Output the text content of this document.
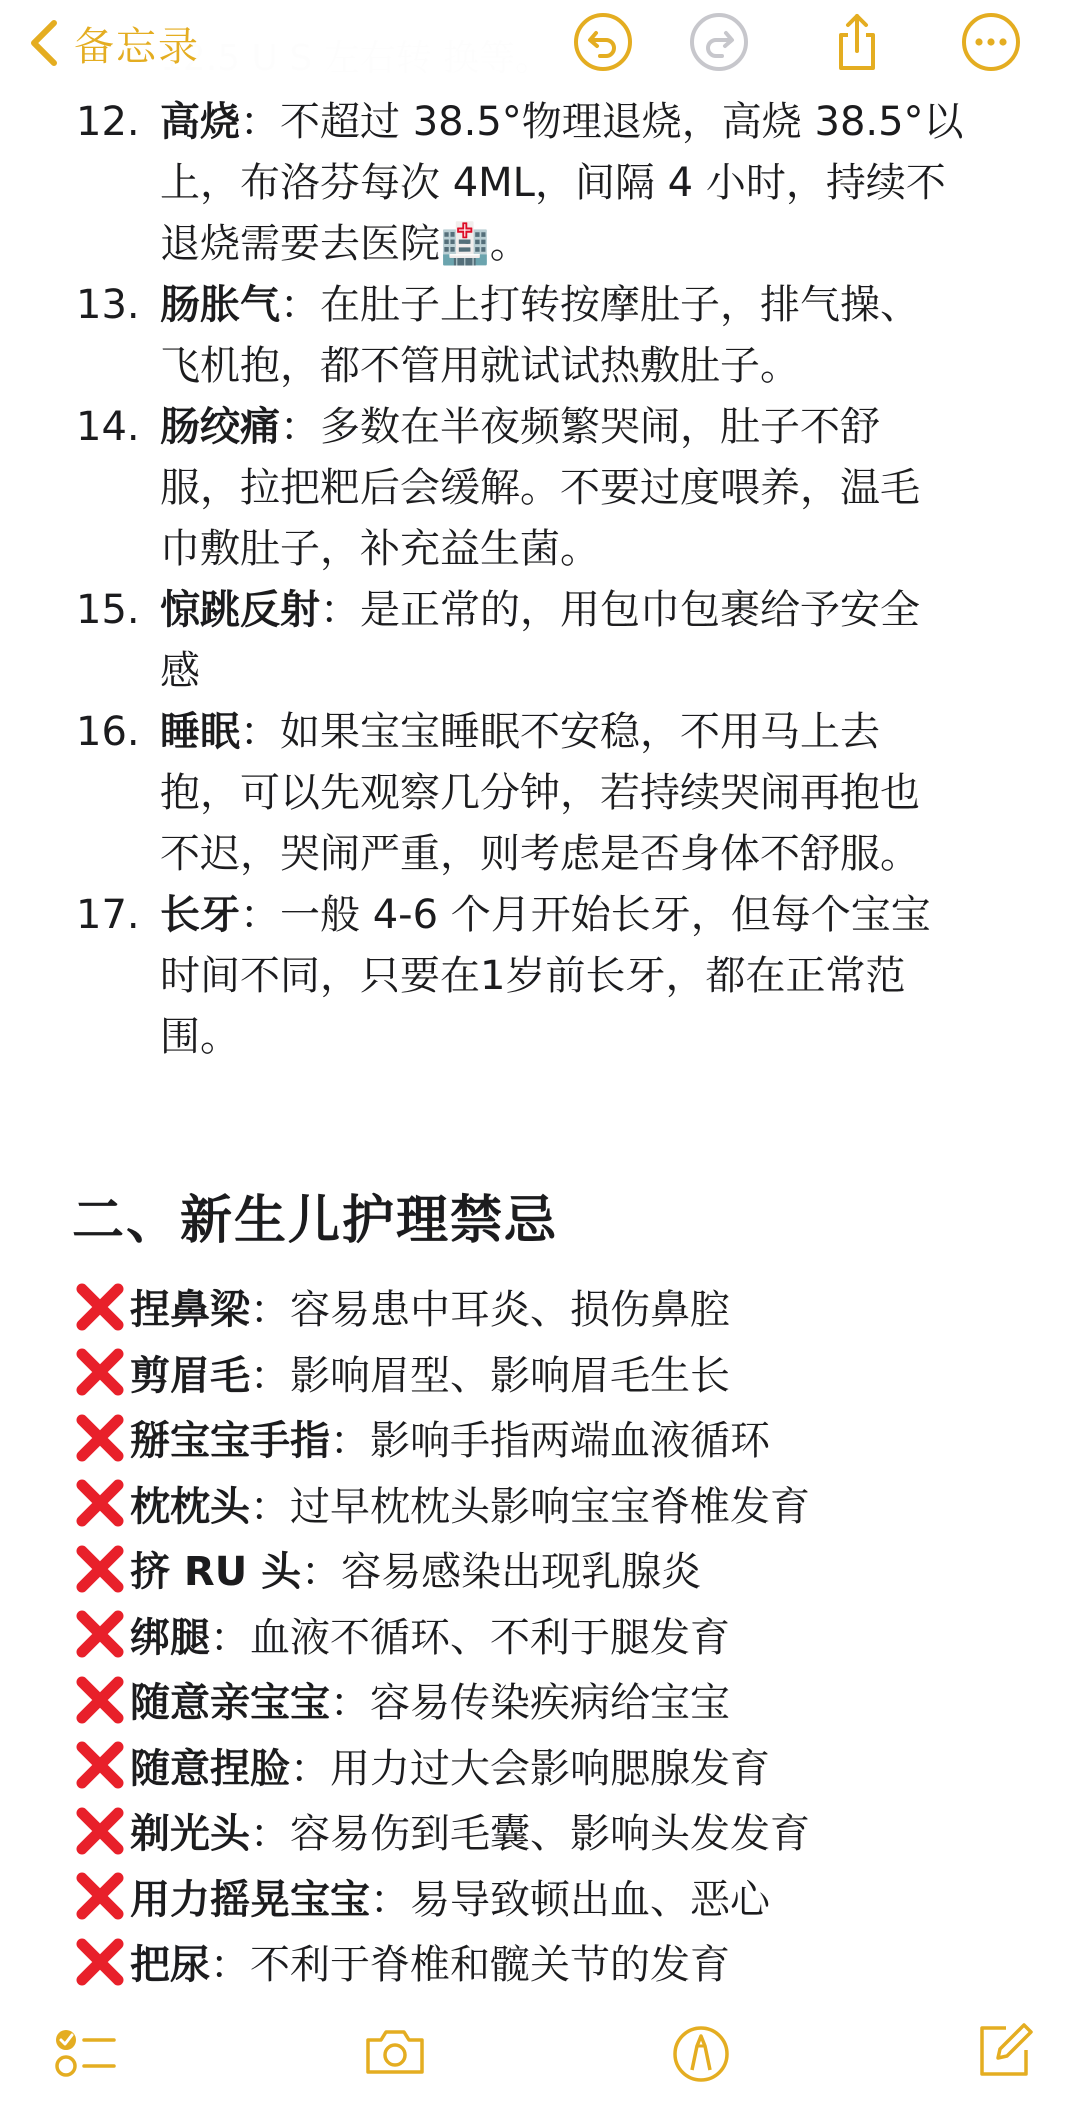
备忘录
12. 高烧：不超过 38.5°物理退烧，高烧 38.5°以
上，布洛芬每次 4ML，间隔 4 小时，持续不
退烧需要去医院🏥。
13. 肠胀气：在肚子上打转按摩肚子，排气操、
飞机抱，都不管用就试试热敷肚子。
14. 肠绞痛：多数在半夜频繁哭闹，肚子不舒
服，拉把粑后会缓解。不要过度喂养，温毛
巾敷肚子，补充益生菌。
15. 惊跳反射：是正常的，用包巾包裹给予安全
感
16. 睡眠：如果宝宝睡眠不安稳，不用马上去
抱，可以先观察几分钟，若持续哭闹再抱也
不迟，哭闹严重，则考虑是否身体不舒服。
17. 长牙：一般 4-6 个月开始长牙，但每个宝宝
时间不同，只要在1岁前长牙，都在正常范
围。
二、新生儿护理禁忌
捏鼻梁 ： 容易患中耳炎、损伤鼻腔
剪眉毛 ： 影响眉型、影响眉毛生长
掰宝宝手指 ： 影响手指两端血液循环
枕枕头 ： 过早枕枕头影响宝宝脊椎发育
挤 RU 头 ： 容易感染出现乳腺炎
绑腿 ： 血液不循环、不利于腿发育
随意亲宝宝 ： 容易传染疾病给宝宝
随意捏脸 ： 用力过大会影响腮腺发育
剃光头 ： 容易伤到毛囊、影响头发发育
用力摇晃宝宝 ： 易导致顿出血、恶心
把尿 ： 不利于脊椎和髋关节的发育
